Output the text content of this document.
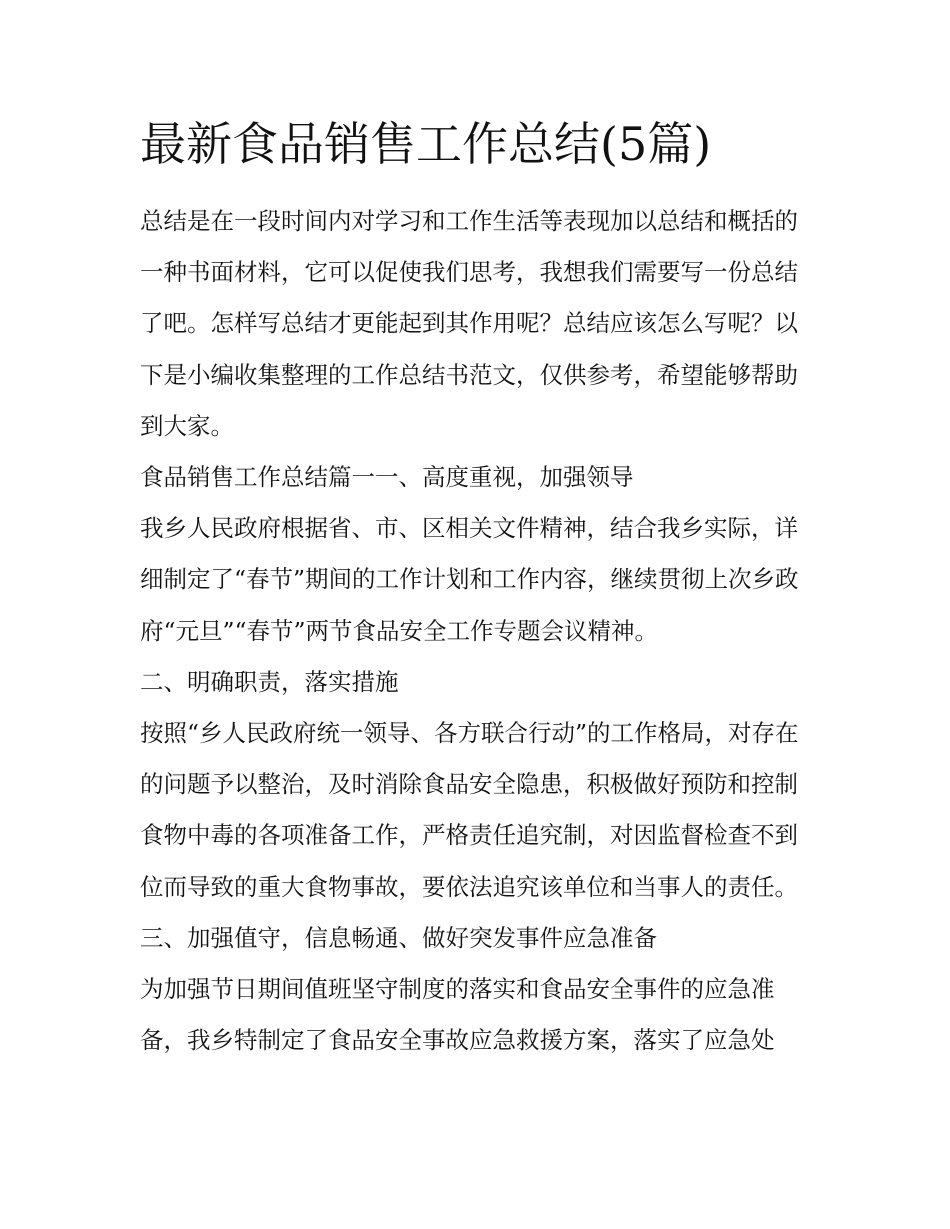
最新食品销售工作总结(5篇)

总结是在一段时间内对学习和工作生活等表现加以总结和概括的一种书面材料，它可以促使我们思考，我想我们需要写一份总结了吧。怎样写总结才更能起到其作用呢？总结应该怎么写呢？以下是小编收集整理的工作总结书范文，仅供参考，希望能够帮助到大家。

食品销售工作总结篇一一、高度重视，加强领导

我乡人民政府根据省、市、区相关文件精神，结合我乡实际，详细制定了“春节”期间的工作计划和工作内容，继续贯彻上次乡政府“元旦”“春节”两节食品安全工作专题会议精神。

二、明确职责，落实措施

按照“乡人民政府统一领导、各方联合行动”的工作格局，对存在的问题予以整治，及时消除食品安全隐患，积极做好预防和控制食物中毒的各项准备工作，严格责任追究制，对因监督检查不到位而导致的重大食物事故，要依法追究该单位和当事人的责任。

三、加强值守，信息畅通、做好突发事件应急准备

为加强节日期间值班坚守制度的落实和食品安全事件的应急准备，我乡特制定了食品安全事故应急救援方案，落实了应急处
